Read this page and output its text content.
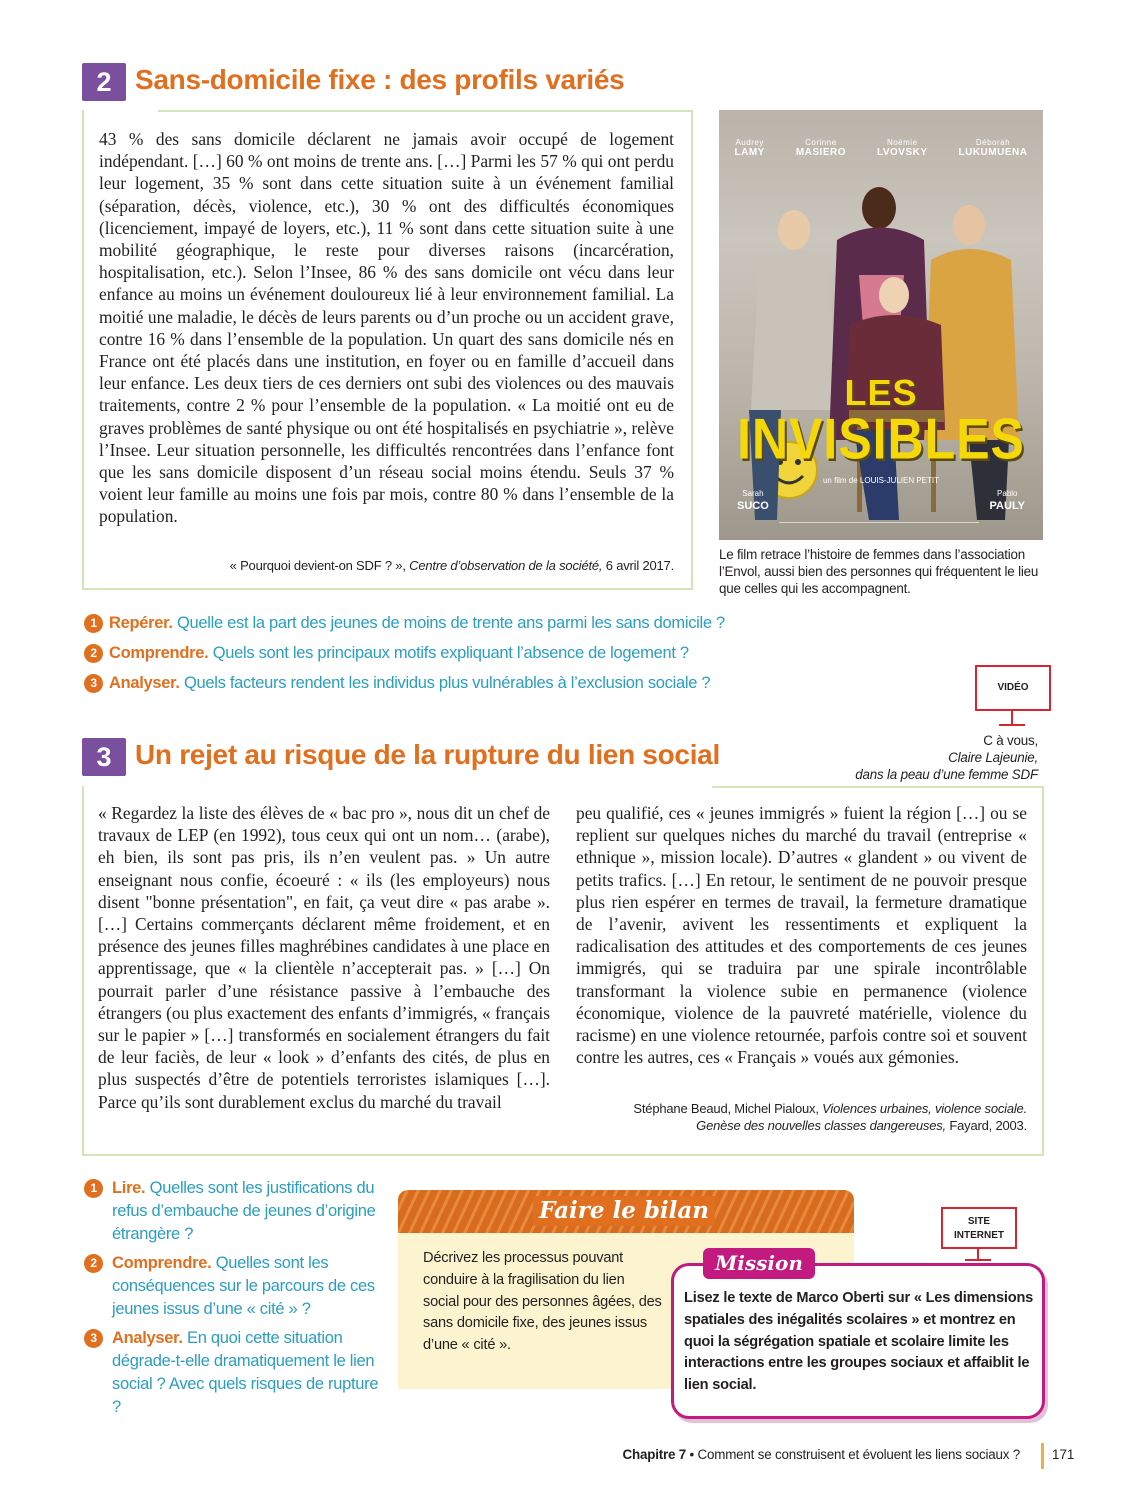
2 Sans-domicile fixe : des profils variés
43 % des sans domicile déclarent ne jamais avoir occupé de logement indépendant. […] 60 % ont moins de trente ans. […] Parmi les 57 % qui ont perdu leur logement, 35 % sont dans cette situation suite à un événement familial (séparation, décès, violence, etc.), 30 % ont des difficultés économiques (licenciement, impayé de loyers, etc.), 11 % sont dans cette situation suite à une mobilité géographique, le reste pour diverses raisons (incarcération, hospitalisation, etc.). Selon l’Insee, 86 % des sans domicile ont vécu dans leur enfance au moins un événement douloureux lié à leur environnement familial. La moitié une maladie, le décès de leurs parents ou d’un proche ou un accident grave, contre 16 % dans l’ensemble de la population. Un quart des sans domicile nés en France ont été placés dans une institution, en foyer ou en famille d’accueil dans leur enfance. Les deux tiers de ces derniers ont subi des violences ou des mauvais traitements, contre 2 % pour l’ensemble de la population. « La moitié ont eu de graves problèmes de santé physique ou ont été hospitalisés en psychiatrie », relève l’Insee. Leur situation personnelle, les difficultés rencontrées dans l’enfance font que les sans domicile disposent d’un réseau social moins étendu. Seuls 37 % voient leur famille au moins une fois par mois, contre 80 % dans l’ensemble de la population.
« Pourquoi devient-on SDF ? », Centre d’observation de la société, 6 avril 2017.
Audrey
LAMY
Corinne
MASIERO
Noémie
LVOVSKY
Déborah
LUKUMUENA
LES
INVISIBLES
un film de LOUIS-JULIEN PETIT
Sarah
SUCO
Pablo
PAULY
Le film retrace l’histoire de femmes dans l’association l’Envol, aussi bien des personnes qui fréquentent le lieu que celles qui les accompagnent.
1 Repérer. Quelle est la part des jeunes de moins de trente ans parmi les sans domicile ?
2 Comprendre. Quels sont les principaux motifs expliquant l’absence de logement ?
3 Analyser. Quels facteurs rendent les individus plus vulnérables à l’exclusion sociale ?	VIDÉO
C à vous,
Claire Lajeunie,
dans la peau d’une femme SDF
3 Un rejet au risque de la rupture du lien social
« Regardez la liste des élèves de « bac pro », nous dit un chef de travaux de LEP (en 1992), tous ceux qui ont un nom… (arabe), eh bien, ils sont pas pris, ils n’en veulent pas. » Un autre enseignant nous confie, écoeuré : « ils (les employeurs) nous disent "bonne présentation", en fait, ça veut dire « pas arabe ». […] Certains commerçants déclarent même froidement, et en présence des jeunes filles maghrébines candidates à une place en apprentissage, que « la clientèle n’accepterait pas. » […] On pourrait parler d’une résistance passive à l’embauche des étrangers (ou plus exactement des enfants d’immigrés, « français sur le papier » […] transformés en socialement étrangers du fait de leur faciès, de leur « look » d’enfants des cités, de plus en plus suspectés d’être de potentiels terroristes islamiques […]. Parce qu’ils sont durablement exclus du marché du travail
peu qualifié, ces « jeunes immigrés » fuient la région […] ou se replient sur quelques niches du marché du travail (entreprise « ethnique », mission locale). D’autres « glandent » ou vivent de petits trafics. […] En retour, le sentiment de ne pouvoir presque plus rien espérer en termes de travail, la fermeture dramatique de l’avenir, avivent les ressentiments et expliquent la radicalisation des attitudes et des comportements de ces jeunes immigrés, qui se traduira par une spirale incontrôlable transformant la violence subie en permanence (violence économique, violence de la pauvreté matérielle, violence du racisme) en une violence retournée, parfois contre soi et souvent contre les autres, ces « Français » voués aux gémonies.
Stéphane Beaud, Michel Pialoux, Violences urbaines, violence sociale.
Genèse des nouvelles classes dangereuses, Fayard, 2003.
1 Lire. Quelles sont les justifications du refus d’embauche de jeunes d’origine étrangère ?
2 Comprendre. Quelles sont les conséquences sur le parcours de ces jeunes issus d’une « cité » ?
3 Analyser. En quoi cette situation dégrade-t-elle dramatiquement le lien social ? Avec quels risques de rupture ?
Faire le bilan
Décrivez les processus pouvant conduire à la fragilisation du lien social pour des personnes âgées, des sans domicile fixe, des jeunes issus d’une « cité ».
SITE
INTERNET
Mission
Lisez le texte de Marco Oberti sur « Les dimensions spatiales des inégalités scolaires » et montrez en quoi la ségrégation spatiale et scolaire limite les interactions entre les groupes sociaux et affaiblit le lien social.
Chapitre 7 • Comment se construisent et évoluent les liens sociaux ? 171
